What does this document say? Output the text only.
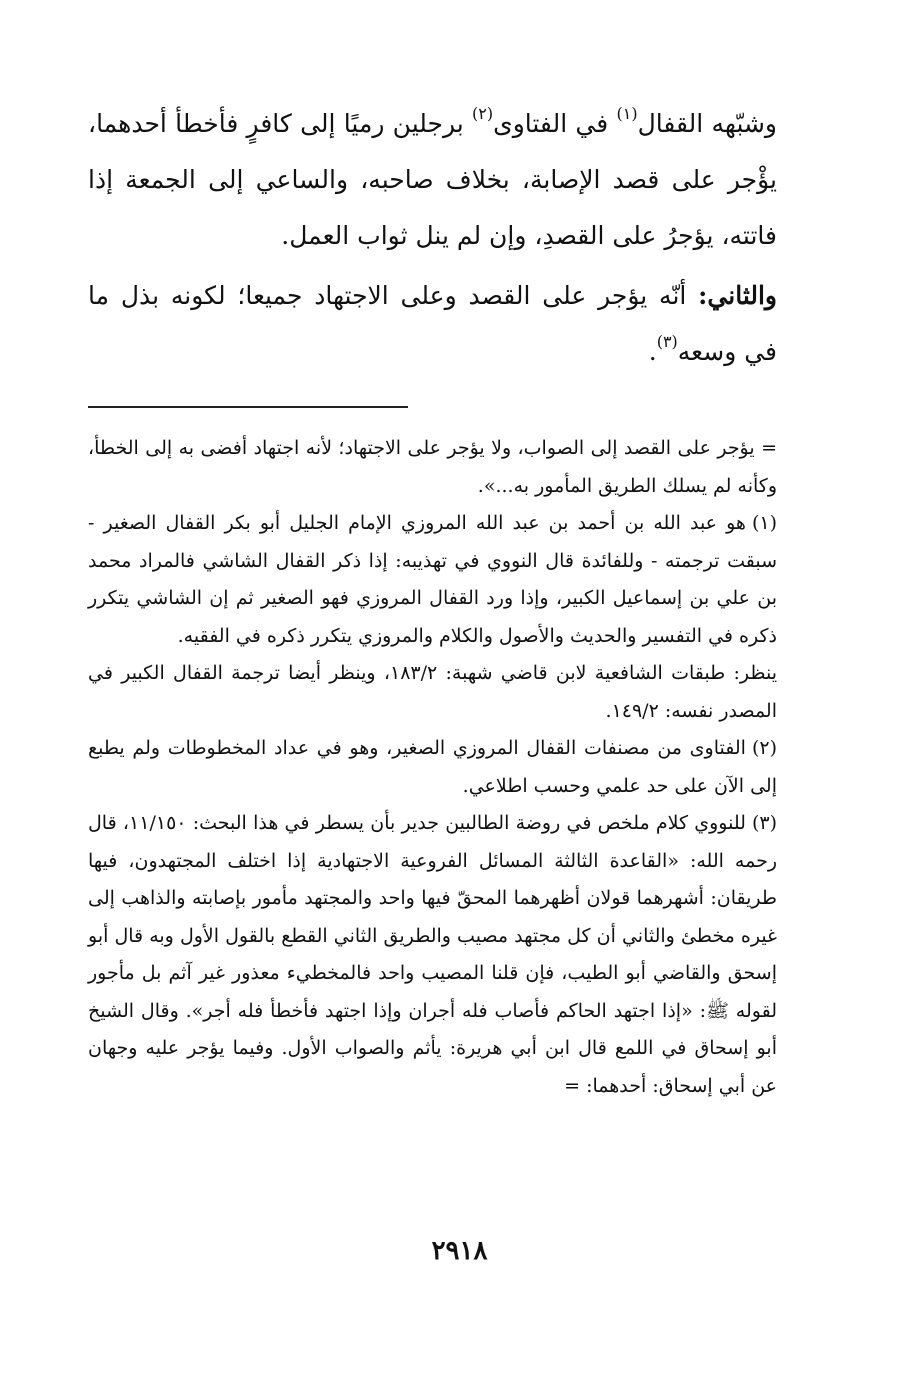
وشبّهه القفال$^{(١)}$ في الفتاوى$^{(٢)}$ برجلين رميًا إلى كافرٍ فأخطأ أحدهما، يؤْجر على قصد الإصابة، بخلاف صاحبه، والساعي إلى الجمعة إذا فاتته، يؤجرُ على القصدِ، وإن لم ينل ثواب العمل.

والثاني: أنّه يؤجر على القصد وعلى الاجتهاد جميعا؛ لكونه بذل ما في وسعه$^{(٣)}$.

= يؤجر على القصد إلى الصواب، ولا يؤجر على الاجتهاد؛ لأنه اجتهاد أفضى به إلى الخطأ، وكأنه لم يسلك الطريق المأمور به...».

(١)هو عبد الله بن أحمد بن عبد الله المروزي الإمام الجليل أبو بكر القفال الصغير - سبقت ترجمته - وللفائدة قال النووي في تهذيبه: إذا ذكر القفال الشاشي فالمراد محمد بن علي بن إسماعيل الكبير، وإذا ورد القفال المروزي فهو الصغير ثم إن الشاشي يتكرر ذكره في التفسير والحديث والأصول والكلام والمروزي يتكرر ذكره في الفقيه.

ينظر: طبقات الشافعية لابن قاضي شهبة: ١٨٣/٢، وينظر أيضا ترجمة القفال الكبير في المصدر نفسه: ١٤٩/٢.

(٢)الفتاوى من مصنفات القفال المروزي الصغير، وهو في عداد المخطوطات ولم يطبع إلى الآن على حد علمي وحسب اطلاعي.

(٣)للنووي كلام ملخص في روضة الطالبين جدير بأن يسطر في هذا البحث: ١١/١٥٠، قال رحمه الله: «القاعدة الثالثة المسائل الفروعية الاجتهادية إذا اختلف المجتهدون، فيها طريقان: أشهرهما قولان أظهرهما المحقّ فيها واحد والمجتهد مأمور بإصابته والذاهب إلى غيره مخطئ والثاني أن كل مجتهد مصيب والطريق الثاني القطع بالقول الأول وبه قال أبو إسحق والقاضي أبو الطيب، فإن قلنا المصيب واحد فالمخطيء معذور غير آثم بل مأجور لقوله ﷺ: «إذا اجتهد الحاكم فأصاب فله أجران وإذا اجتهد فأخطأ فله أجر». وقال الشيخ أبو إسحاق في اللمع قال ابن أبي هريرة: يأثم والصواب الأول. وفيما يؤجر عليه وجهان عن أبي إسحاق: أحدهما: =

٢٩١٨
